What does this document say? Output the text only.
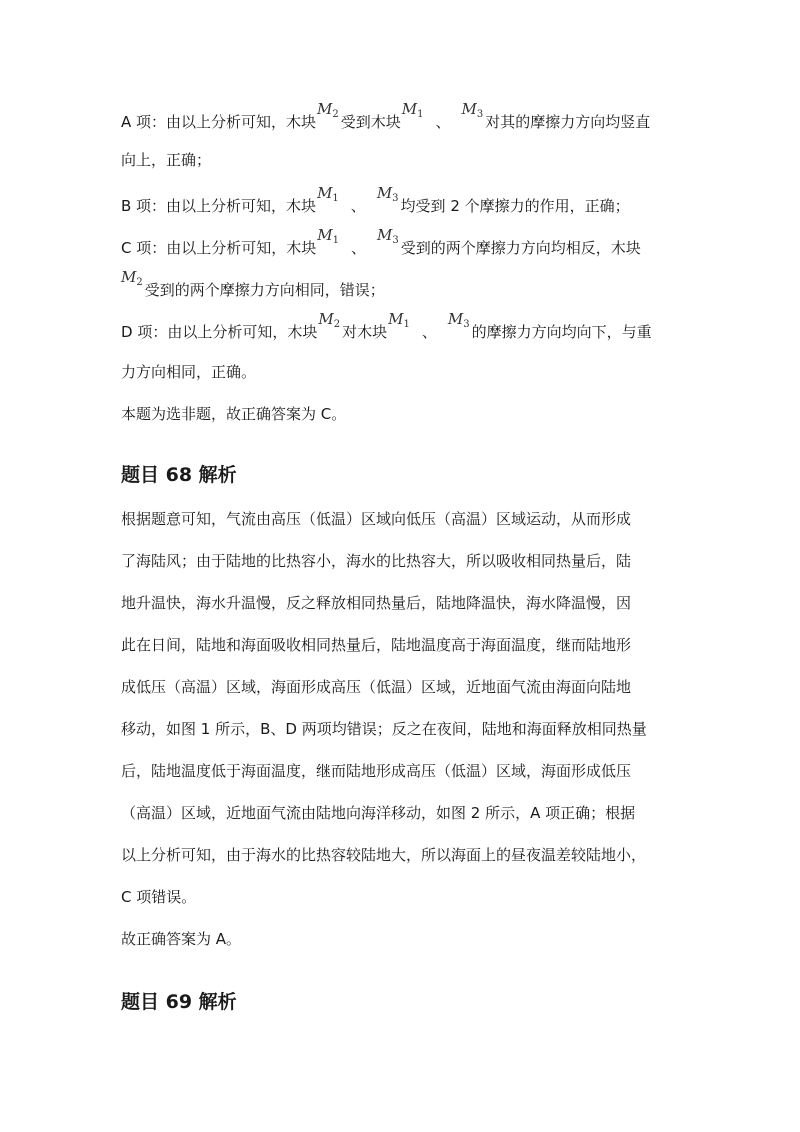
A 项：由以上分析可知，木块$M_2$ 受到木块$M_1$ 、$M_3$ 对其的摩擦力方向均竖直
向上，正确；
B 项：由以上分析可知，木块$M_1$ 、$M_3$ 均受到 2 个摩擦力的作用，正确；
C 项：由以上分析可知，木块$M_1$ 、$M_3$ 受到的两个摩擦力方向均相反，木块
$M_2$ 受到的两个摩擦力方向相同，错误；
D 项：由以上分析可知，木块$M_2$ 对木块$M_1$ 、$M_3$ 的摩擦力方向均向下，与重
力方向相同，正确。
本题为选非题，故正确答案为 C。
题目 68 解析
根据题意可知，气流由高压（低温）区域向低压（高温）区域运动，从而形成
了海陆风；由于陆地的比热容小，海水的比热容大，所以吸收相同热量后，陆
地升温快，海水升温慢，反之释放相同热量后，陆地降温快，海水降温慢，因
此在日间，陆地和海面吸收相同热量后，陆地温度高于海面温度，继而陆地形
成低压（高温）区域，海面形成高压（低温）区域，近地面气流由海面向陆地
移动，如图 1 所示，B、D 两项均错误；反之在夜间，陆地和海面释放相同热量
后，陆地温度低于海面温度，继而陆地形成高压（低温）区域，海面形成低压
（高温）区域，近地面气流由陆地向海洋移动，如图 2 所示，A 项正确；根据
以上分析可知，由于海水的比热容较陆地大，所以海面上的昼夜温差较陆地小，
C 项错误。
故正确答案为 A。
题目 69 解析
